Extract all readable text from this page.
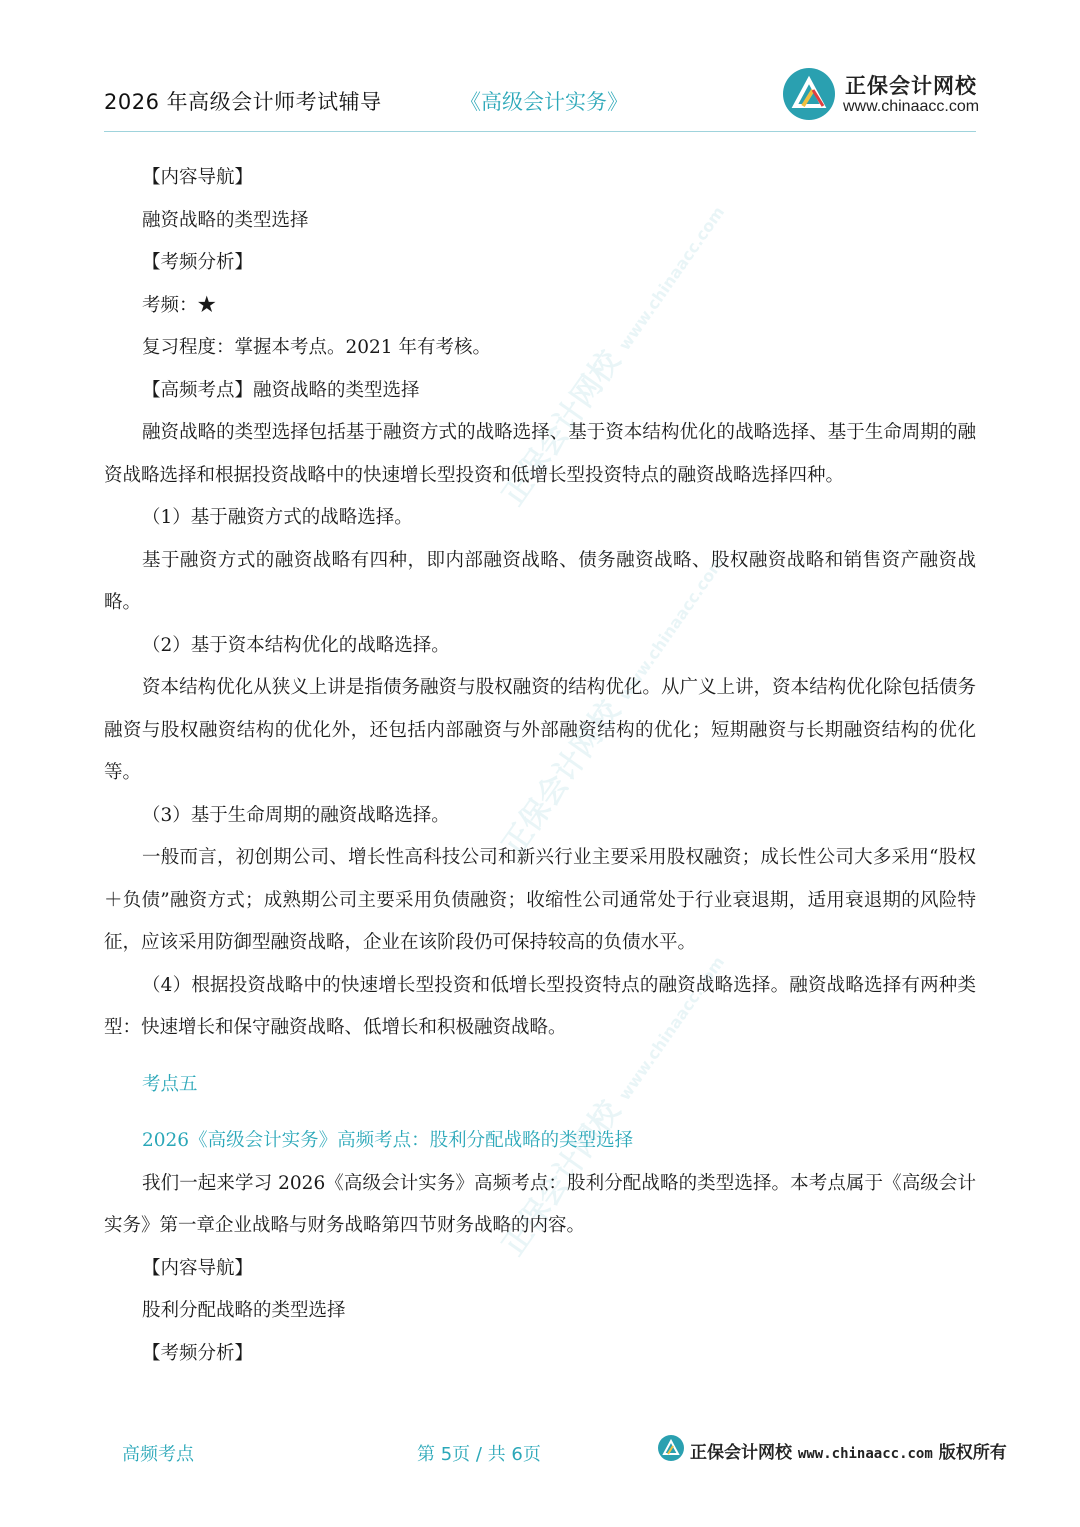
2026 年高级会计师考试辅导	《高级会计实务》
正保会计网校
www.chinaacc.com
正保会计网校 www.chinaacc.com
正保会计网校 www.chinaacc.com
正保会计网校 www.chinaacc.com

【内容导航】

融资战略的类型选择

【考频分析】

考频：★

复习程度：掌握本考点。2021 年有考核。

【高频考点】融资战略的类型选择

融资战略的类型选择包括基于融资方式的战略选择、基于资本结构优化的战略选择、基于生命周期的融资战略选择和根据投资战略中的快速增长型投资和低增长型投资特点的融资战略选择四种。

（1）基于融资方式的战略选择。

基于融资方式的融资战略有四种，即内部融资战略、债务融资战略、股权融资战略和销售资产融资战略。

（2）基于资本结构优化的战略选择。

资本结构优化从狭义上讲是指债务融资与股权融资的结构优化。从广义上讲，资本结构优化除包括债务融资与股权融资结构的优化外，还包括内部融资与外部融资结构的优化；短期融资与长期融资结构的优化等。

（3）基于生命周期的融资战略选择。

一般而言，初创期公司、增长性高科技公司和新兴行业主要采用股权融资；成长性公司大多采用“股权＋负债”融资方式；成熟期公司主要采用负债融资；收缩性公司通常处于行业衰退期，适用衰退期的风险特征，应该采用防御型融资战略，企业在该阶段仍可保持较高的负债水平。

（4）根据投资战略中的快速增长型投资和低增长型投资特点的融资战略选择。融资战略选择有两种类型：快速增长和保守融资战略、低增长和积极融资战略。

考点五

2026《高级会计实务》高频考点：股利分配战略的类型选择

我们一起来学习 2026《高级会计实务》高频考点：股利分配战略的类型选择。本考点属于《高级会计实务》第一章企业战略与财务战略第四节财务战略的内容。

【内容导航】

股利分配战略的类型选择

【考频分析】

高频考点	第 5页 / 共 6页	正保会计网校 www.chinaacc.com 版权所有
